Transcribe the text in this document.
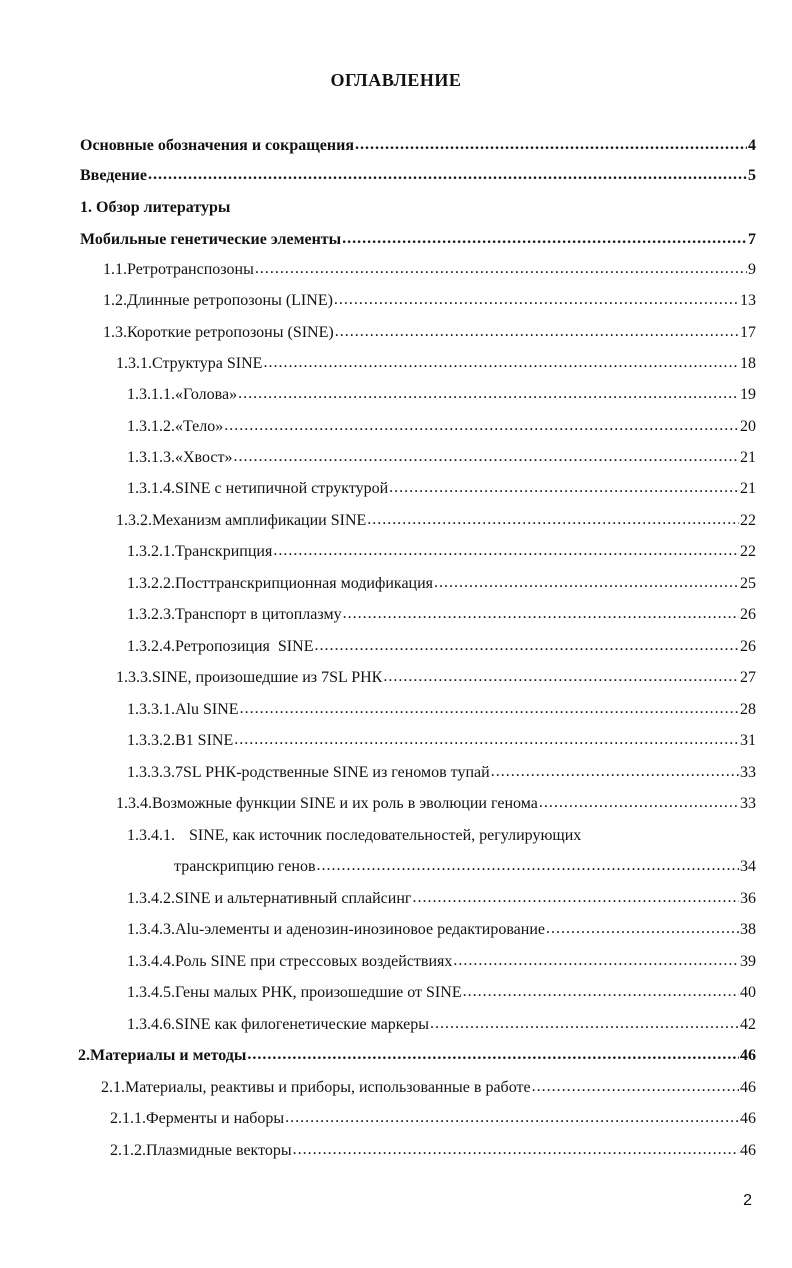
ОГЛАВЛЕНИЕ
Основные обозначения и сокращения .....	4
Введение .....	5
1. Обзор литературы
Мобильные генетические элементы .....	7
1.1. Ретротранспозоны .....	9
1.2. Длинные ретропозоны (LINE) .....	13
1.3. Короткие ретропозоны (SINE) .....	17
1.3.1. Структура SINE .....	18
1.3.1.1. «Голова» .....	19
1.3.1.2. «Тело» .....	20
1.3.1.3. «Хвост» .....	21
1.3.1.4. SINE с нетипичной структурой .....	21
1.3.2. Механизм амплификации SINE .....	22
1.3.2.1. Транскрипция .....	22
1.3.2.2. Посттранскрипционная модификация .....	25
1.3.2.3. Транспорт в цитоплазму .....	26
1.3.2.4. Ретропозиция  SINE .....	26
1.3.3. SINE, произошедшие из 7SL РНК .....	27
1.3.3.1. Alu SINE .....	28
1.3.3.2. B1 SINE .....	31
1.3.3.3. 7SL РНК-родственные SINE из геномов тупай .....	33
1.3.4. Возможные функции SINE и их роль в эволюции генома .....	33
1.3.4.1. SINE, как источник последовательностей, регулирующих
транскрипцию генов .....	34
1.3.4.2. SINE и альтернативный сплайсинг .....	36
1.3.4.3. Alu-элементы и аденозин-инозиновое редактирование .....	38
1.3.4.4. Роль SINE при стрессовых воздействиях .....	39
1.3.4.5. Гены малых РНК, произошедшие от SINE .....	40
1.3.4.6. SINE как филогенетические маркеры .....	42
2. Материалы и методы .....	46
2.1. Материалы, реактивы и приборы, использованные в работе .....	46
2.1.1. Ферменты и наборы .....	46
2.1.2. Плазмидные векторы .....	46
2
